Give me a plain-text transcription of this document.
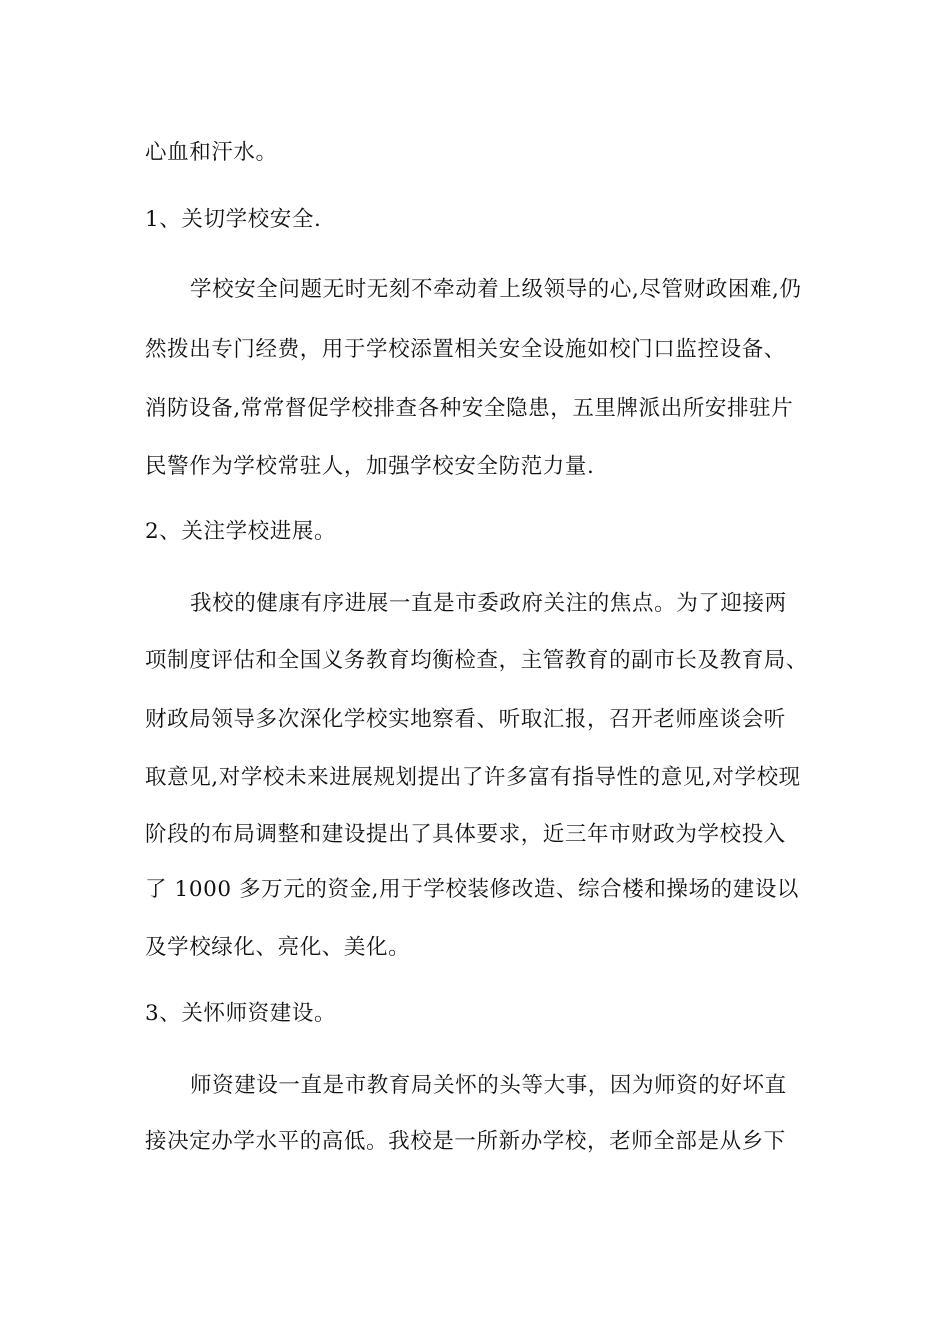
心血和汗水。
1、关切学校安全.
学校安全问题无时无刻不牵动着上级领导的心,尽管财政困难,仍
然拨出专门经费，用于学校添置相关安全设施如校门口监控设备、
消防设备,常常督促学校排查各种安全隐患，五里牌派出所安排驻片
民警作为学校常驻人，加强学校安全防范力量.
2、关注学校进展。
我校的健康有序进展一直是市委政府关注的焦点。为了迎接两
项制度评估和全国义务教育均衡检查，主管教育的副市长及教育局、
财政局领导多次深化学校实地察看、听取汇报，召开老师座谈会听
取意见,对学校未来进展规划提出了许多富有指导性的意见,对学校现
阶段的布局调整和建设提出了具体要求，近三年市财政为学校投入
了 1000 多万元的资金,用于学校装修改造、综合楼和操场的建设以
及学校绿化、亮化、美化。
3、关怀师资建设。
师资建设一直是市教育局关怀的头等大事，因为师资的好坏直
接决定办学水平的高低。我校是一所新办学校，老师全部是从乡下
